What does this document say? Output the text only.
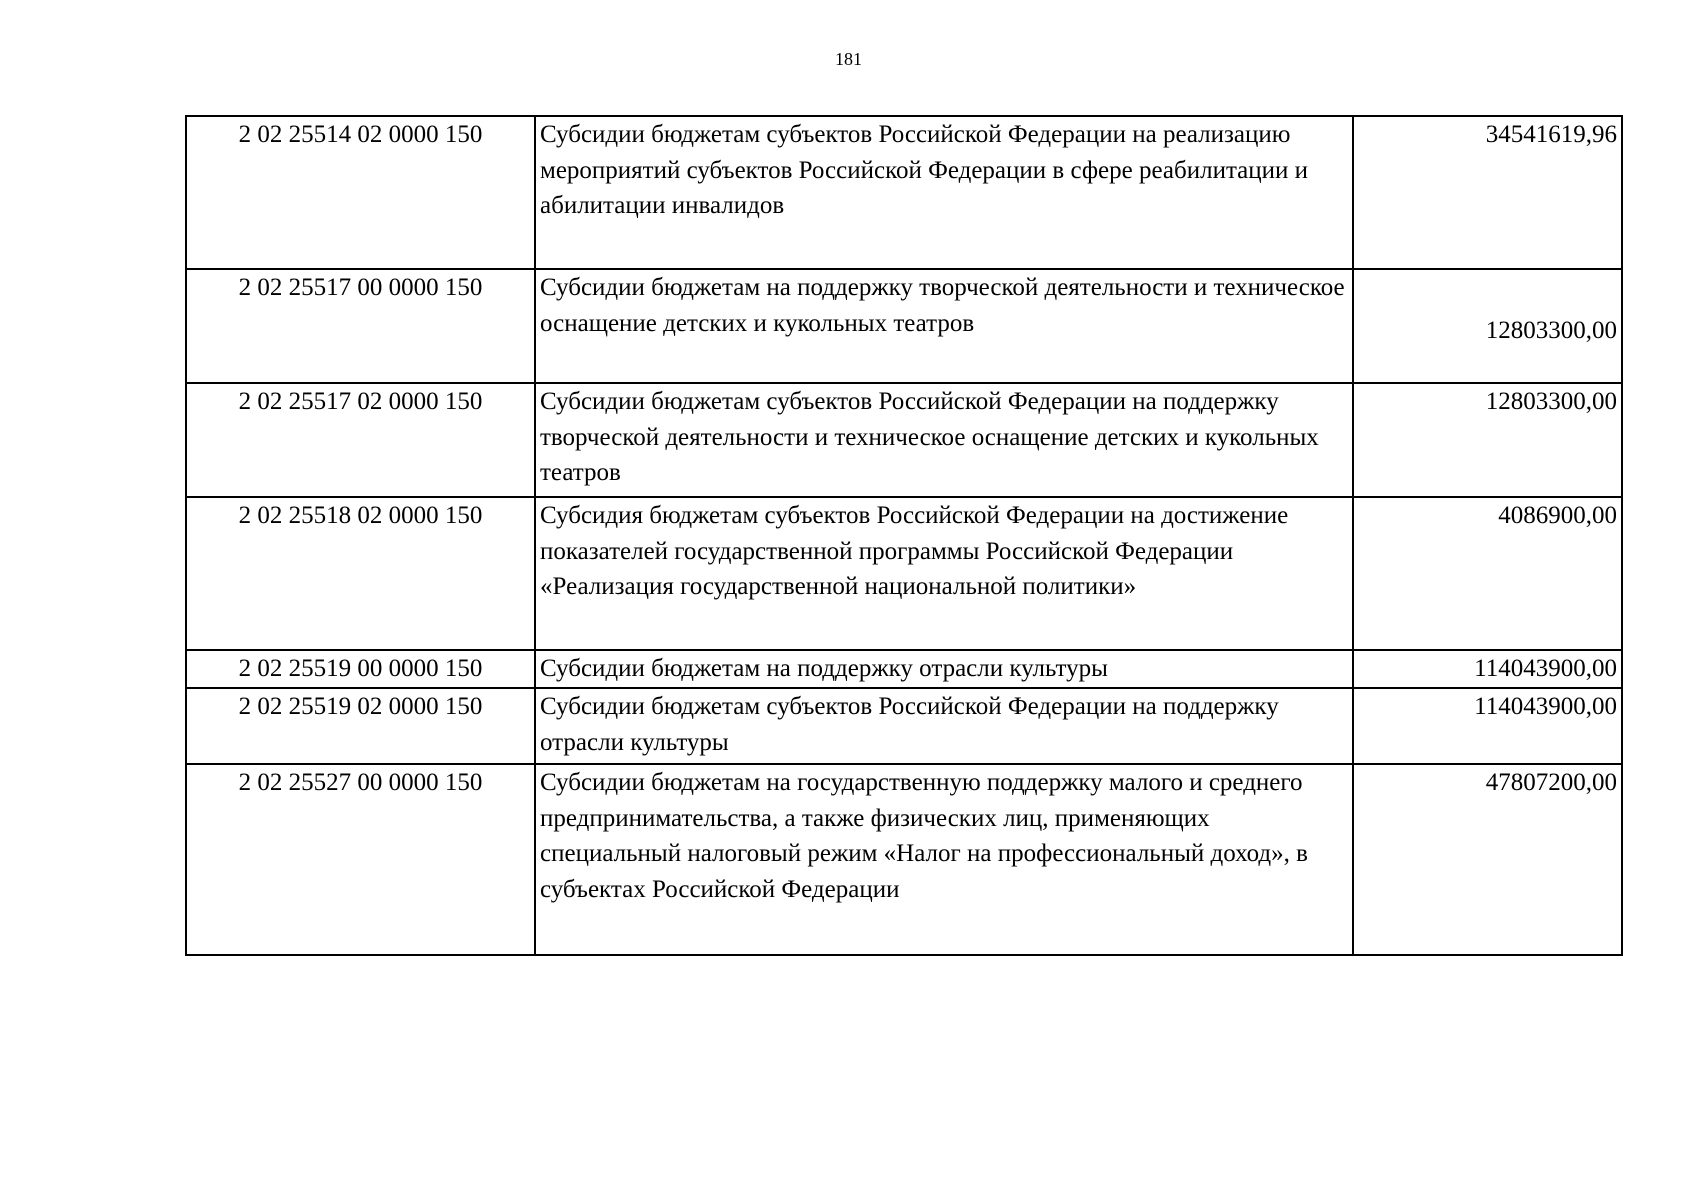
181
2 02 25514 02 0000 150	Субсидии бюджетам субъектов Российской Федерации на реализацию мероприятий субъектов Российской Федерации в сфере реабилитации и абилитации инвалидов	34541619,96
2 02 25517 00 0000 150	Субсидии бюджетам на поддержку творческой деятельности и техническое оснащение детских и кукольных театров	12803300,00
2 02 25517 02 0000 150	Субсидии бюджетам субъектов Российской Федерации на поддержку творческой деятельности и техническое оснащение детских и кукольных театров	12803300,00
2 02 25518 02 0000 150	Субсидия бюджетам субъектов Российской Федерации на достижение показателей государственной программы Российской Федерации «Реализация государственной национальной политики»	4086900,00
2 02 25519 00 0000 150	Субсидии бюджетам на поддержку отрасли культуры	114043900,00
2 02 25519 02 0000 150	Субсидии бюджетам субъектов Российской Федерации на поддержку отрасли культуры	114043900,00
2 02 25527 00 0000 150	Субсидии бюджетам на государственную поддержку малого и среднего предпринимательства, а также физических лиц, применяющих специальный налоговый режим «Налог на профессиональный доход», в субъектах Российской Федерации	47807200,00
